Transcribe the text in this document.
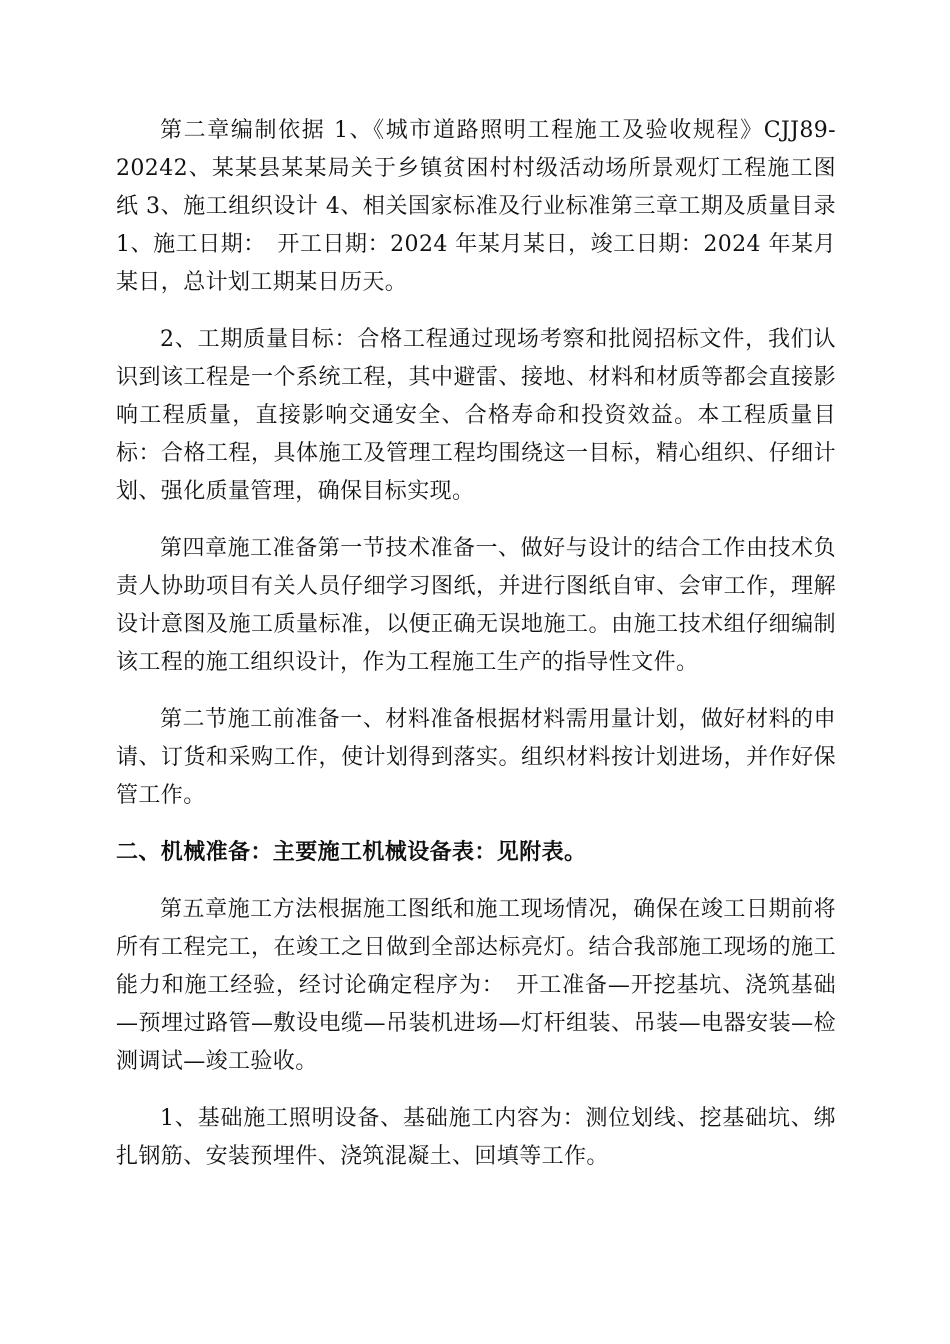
第二章编制依据 1、《城市道路照明工程施工及验收规程》CJJ89-20242、某某县某某局关于乡镇贫困村村级活动场所景观灯工程施工图纸 3、施工组织设计 4、相关国家标准及行业标准第三章工期及质量目录 1、施工日期：　开工日期：2024 年某月某日，竣工日期：2024 年某月某日，总计划工期某日历天。

2、工期质量目标：合格工程通过现场考察和批阅招标文件，我们认识到该工程是一个系统工程，其中避雷、接地、材料和材质等都会直接影响工程质量，直接影响交通安全、合格寿命和投资效益。本工程质量目标：合格工程，具体施工及管理工程均围绕这一目标，精心组织、仔细计划、强化质量管理，确保目标实现。

第四章施工准备第一节技术准备一、做好与设计的结合工作由技术负责人协助项目有关人员仔细学习图纸，并进行图纸自审、会审工作，理解设计意图及施工质量标准，以便正确无误地施工。由施工技术组仔细编制该工程的施工组织设计，作为工程施工生产的指导性文件。

第二节施工前准备一、材料准备根据材料需用量计划，做好材料的申请、订货和采购工作，使计划得到落实。组织材料按计划进场，并作好保管工作。

二、机械准备：主要施工机械设备表：见附表。

第五章施工方法根据施工图纸和施工现场情况，确保在竣工日期前将所有工程完工，在竣工之日做到全部达标亮灯。结合我部施工现场的施工能力和施工经验，经讨论确定程序为：　开工准备—开挖基坑、浇筑基础—预埋过路管—敷设电缆—吊装机进场—灯杆组装、吊装—电器安装—检测调试—竣工验收。

1、基础施工照明设备、基础施工内容为：测位划线、挖基础坑、绑扎钢筋、安装预埋件、浇筑混凝土、回填等工作。
